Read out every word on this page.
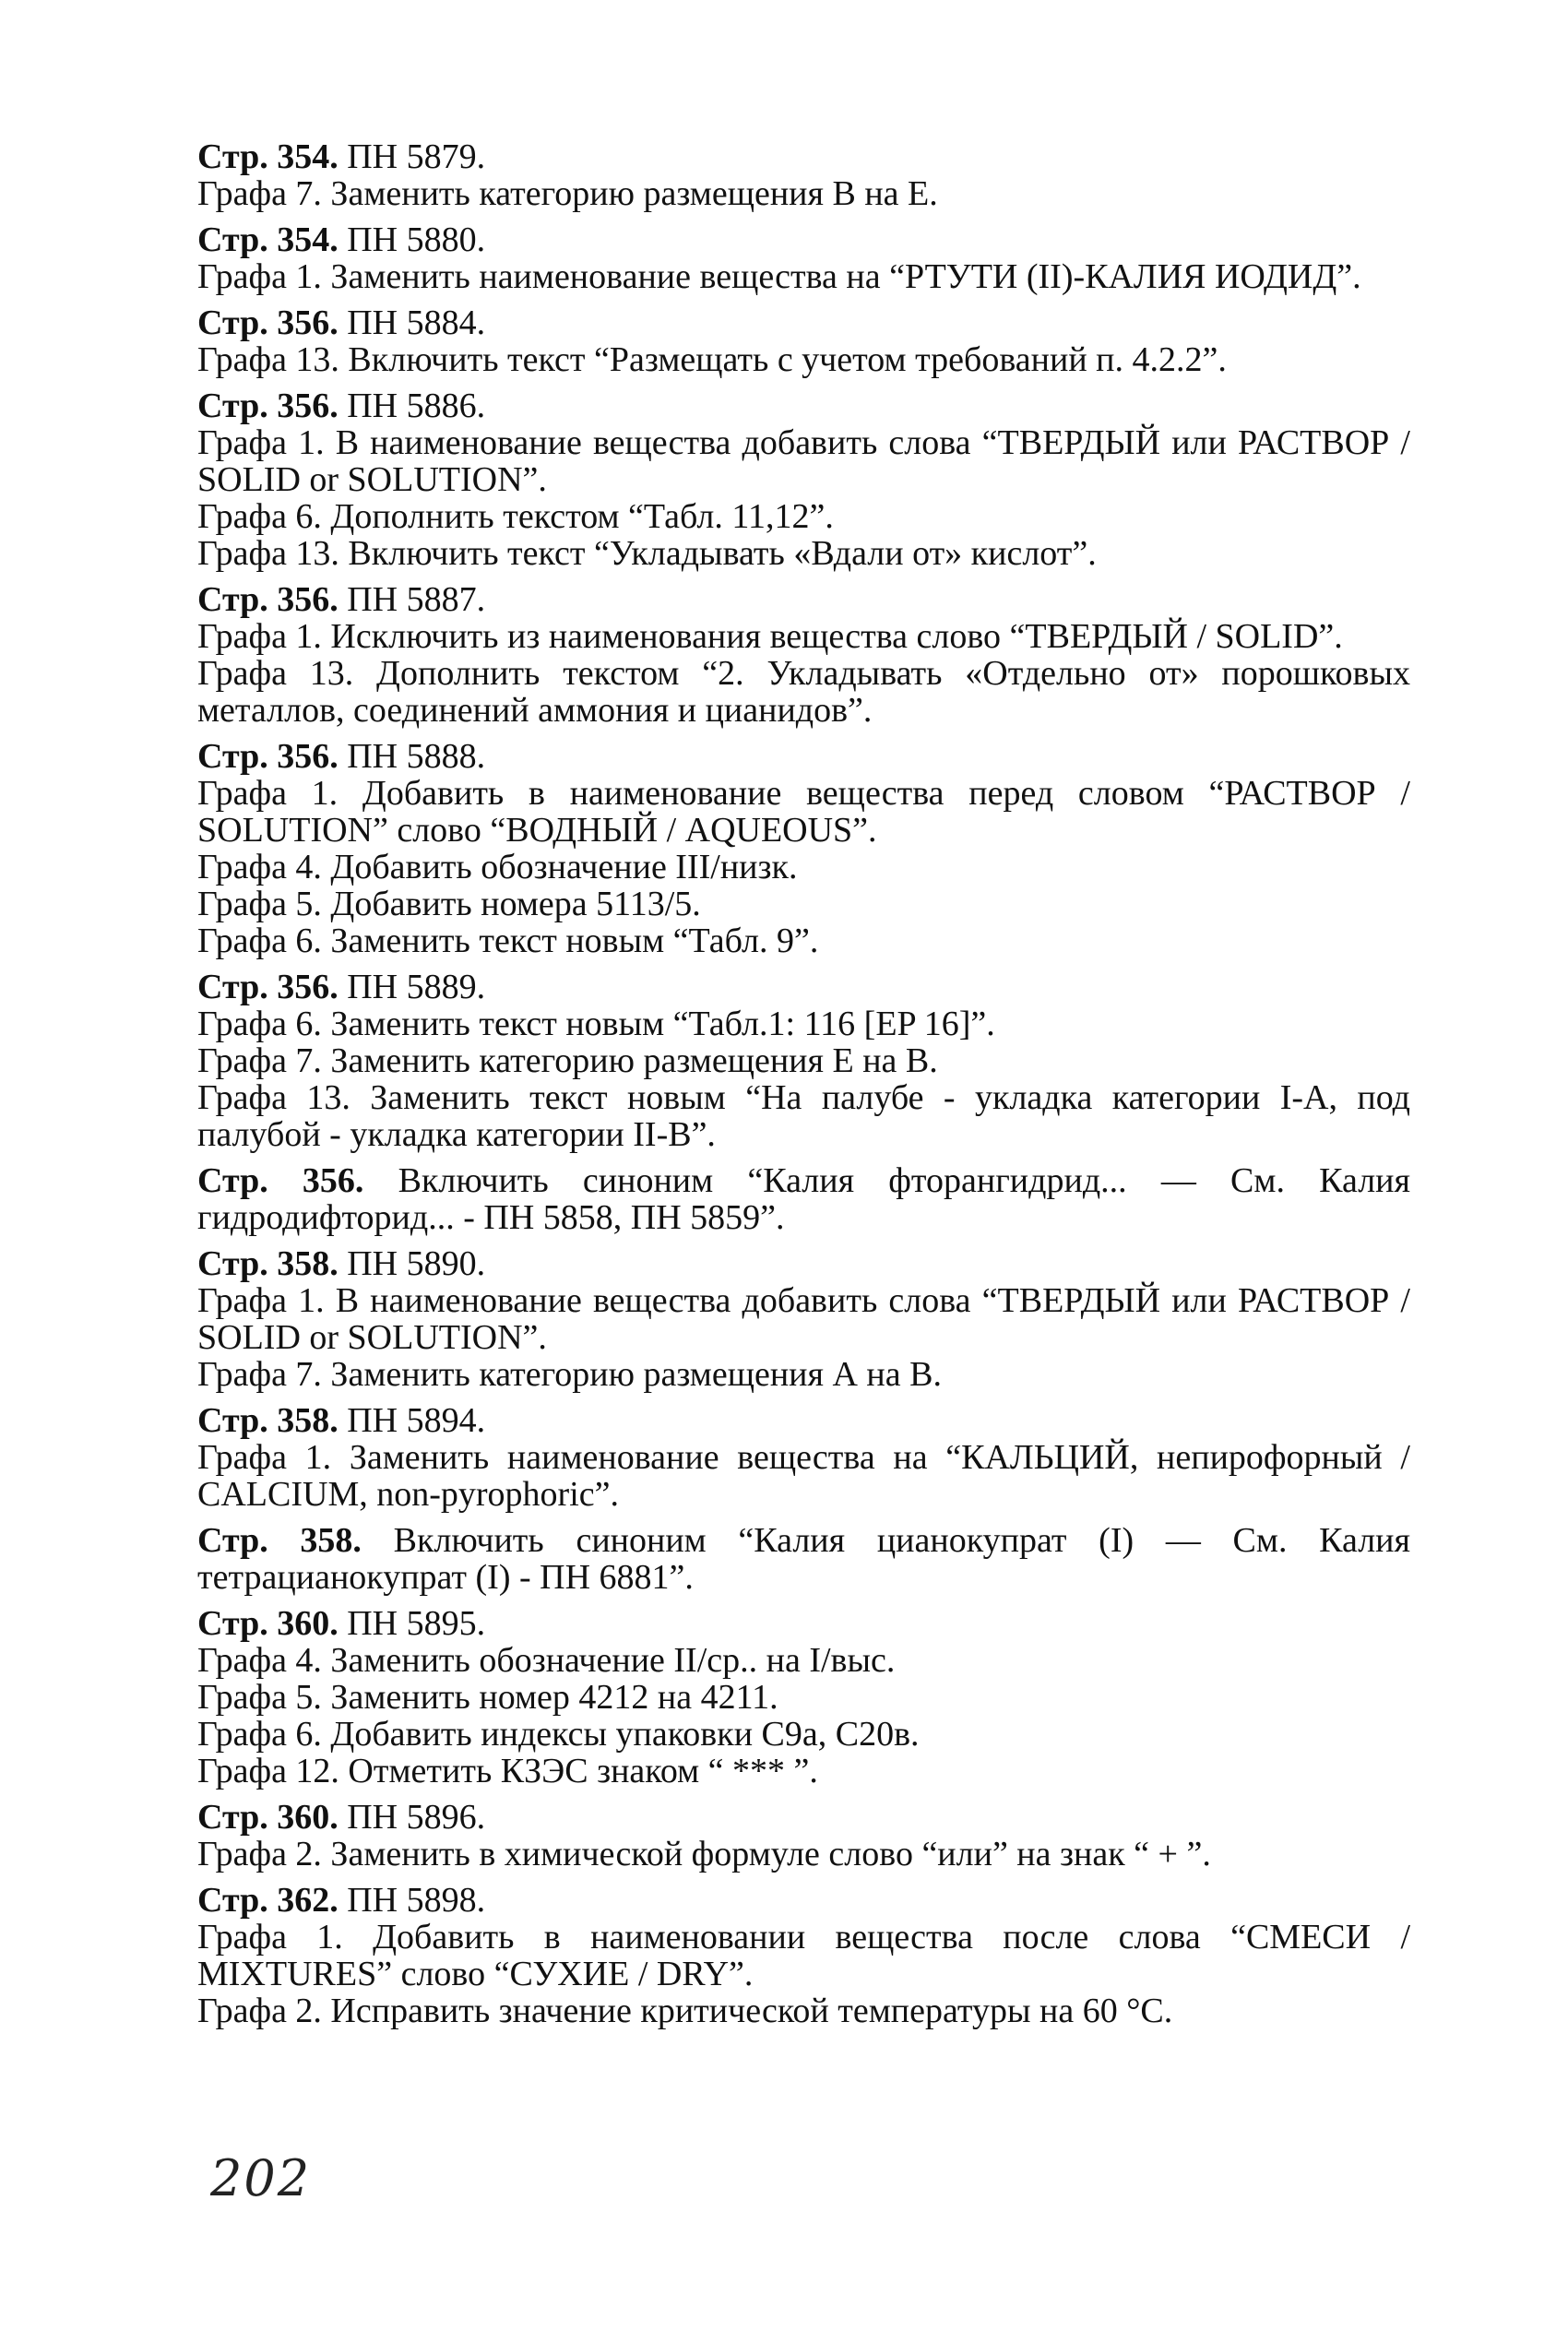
Стр. 354. ПН 5879.

Графа 7. Заменить категорию размещения В на Е.

Стр. 354. ПН 5880.

Графа 1. Заменить наименование вещества на “РТУТИ (II)-КАЛИЯ ИОДИД”.

Стр. 356. ПН 5884.

Графа 13. Включить текст “Размещать с учетом требований п. 4.2.2”.

Стр. 356. ПН 5886.

Графа 1. В наименование вещества добавить слова “ТВЕРДЫЙ или РАСТВОР / SOLID or SOLUTION”.

Графа 6. Дополнить текстом “Табл. 11,12”.

Графа 13. Включить текст “Укладывать «Вдали от» кислот”.

Стр. 356. ПН 5887.

Графа 1. Исключить из наименования вещества слово “ТВЕРДЫЙ / SOLID”.

Графа 13. Дополнить текстом “2. Укладывать «Отдельно от» порошковых металлов, соединений аммония и цианидов”.

Стр. 356. ПН 5888.

Графа 1. Добавить в наименование вещества перед словом “РАСТВОР / SOLUTION” слово “ВОДНЫЙ / AQUEOUS”.

Графа 4. Добавить обозначение III/низк.

Графа 5. Добавить номера 5113/5.

Графа 6. Заменить текст новым “Табл. 9”.

Стр. 356. ПН 5889.

Графа 6. Заменить текст новым “Табл.1: 116 [EP 16]”.

Графа 7. Заменить категорию размещения Е на В.

Графа 13. Заменить текст новым “На палубе - укладка категории I-A, под палубой - укладка категории II-B”.

Стр. 356. Включить синоним “Калия фторангидрид... — См. Калия гидродифторид... - ПН 5858, ПН 5859”.

Стр. 358. ПН 5890.

Графа 1. В наименование вещества добавить слова “ТВЕРДЫЙ или РАСТВОР / SOLID or SOLUTION”.

Графа 7. Заменить категорию размещения А на В.

Стр. 358. ПН 5894.

Графа 1. Заменить наименование вещества на “КАЛЬЦИЙ, непирофорный / CALCIUM, non-pyrophoric”.

Стр. 358. Включить синоним “Калия цианокупрат (I) — См. Калия тетрацианокупрат (I) - ПН 6881”.

Стр. 360. ПН 5895.

Графа 4. Заменить обозначение II/ср.. на I/выс.

Графа 5. Заменить номер 4212 на 4211.

Графа 6. Добавить индексы упаковки С9а, С20в.

Графа 12. Отметить КЗЭС знаком “ *** ”.

Стр. 360. ПН 5896.

Графа 2. Заменить в химической формуле слово “или” на знак “ + ”.

Стр. 362. ПН 5898.

Графа 1. Добавить в наименовании вещества после слова “СМЕСИ / MIXTURES” слово “СУХИЕ / DRY”.

Графа 2. Исправить значение критической температуры на 60 °С.

202
